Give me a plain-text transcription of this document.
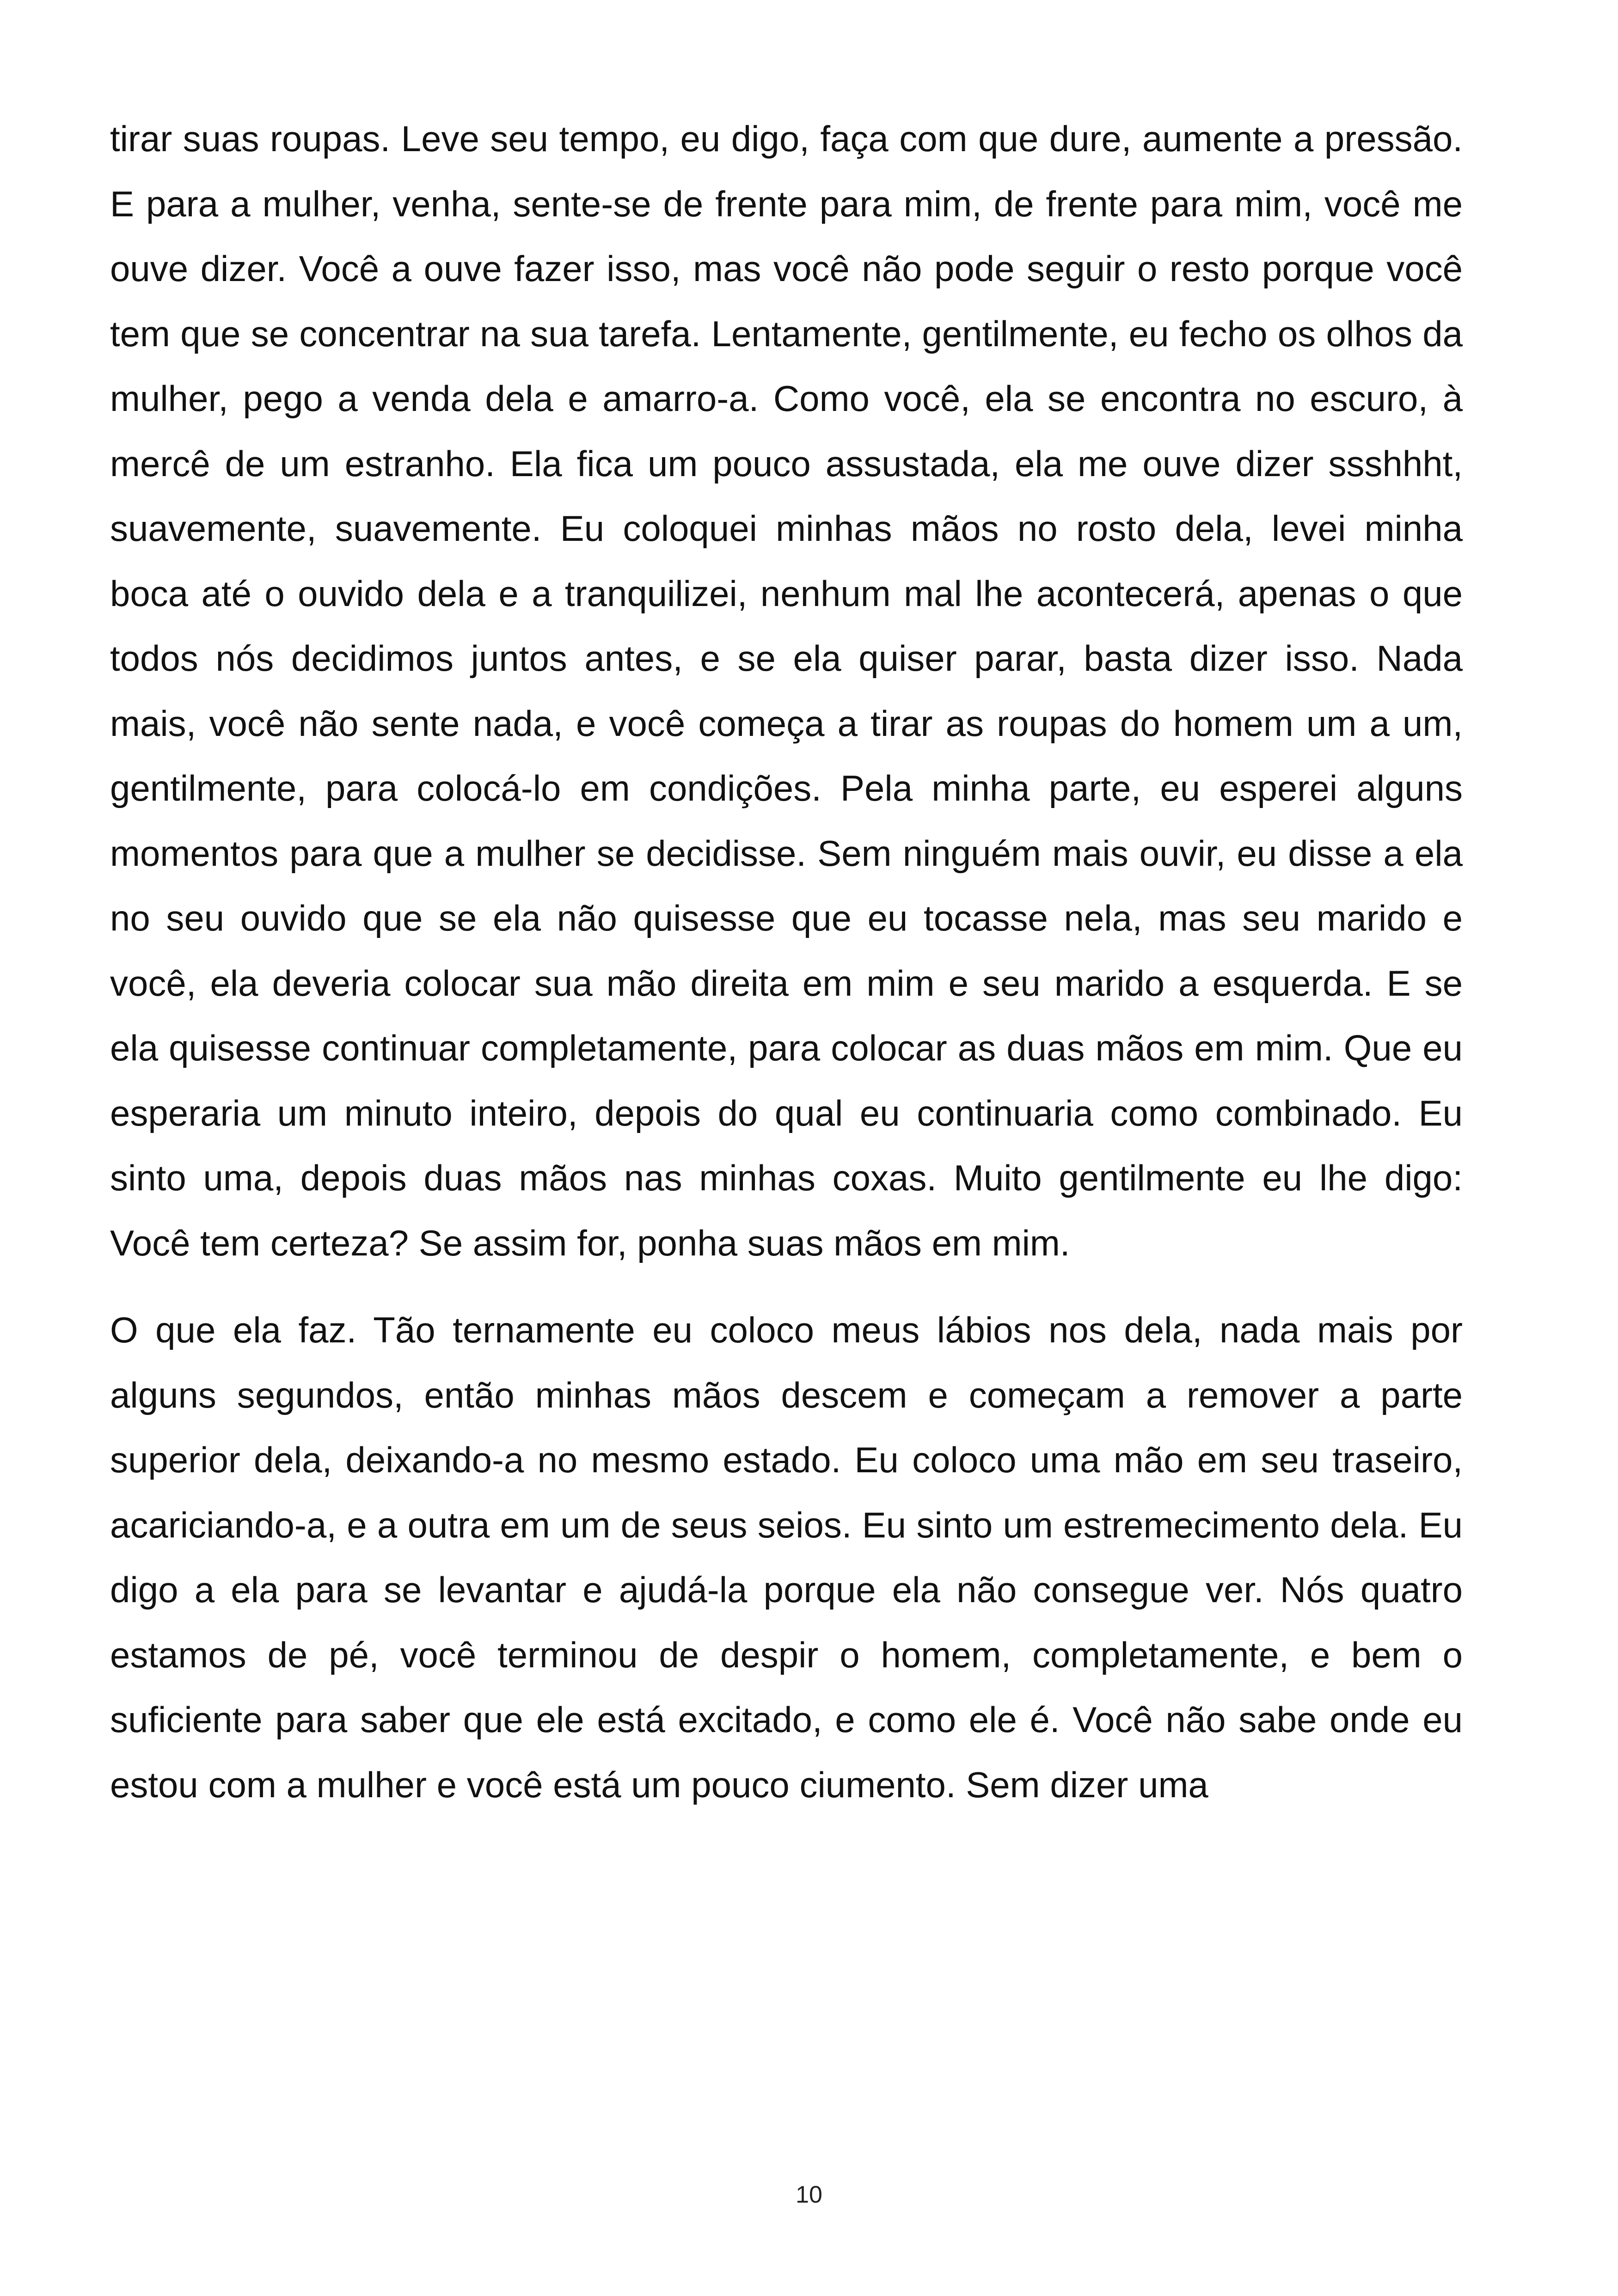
tirar suas roupas. Leve seu tempo, eu digo, faça com que dure, aumente a pressão. E para a mulher, venha, sente-se de frente para mim, de frente para mim, você me ouve dizer. Você a ouve fazer isso, mas você não pode seguir o resto porque você tem que se concentrar na sua tarefa. Lentamente, gentilmente, eu fecho os olhos da mulher, pego a venda dela e amarro-a. Como você, ela se encontra no escuro, à mercê de um estranho. Ela fica um pouco assustada, ela me ouve dizer ssshhht, suavemente, suavemente. Eu coloquei minhas mãos no rosto dela, levei minha boca até o ouvido dela e a tranquilizei, nenhum mal lhe acontecerá, apenas o que todos nós decidimos juntos antes, e se ela quiser parar, basta dizer isso. Nada mais, você não sente nada, e você começa a tirar as roupas do homem um a um, gentilmente, para colocá-lo em condições. Pela minha parte, eu esperei alguns momentos para que a mulher se decidisse. Sem ninguém mais ouvir, eu disse a ela no seu ouvido que se ela não quisesse que eu tocasse nela, mas seu marido e você, ela deveria colocar sua mão direita em mim e seu marido a esquerda. E se ela quisesse continuar completamente, para colocar as duas mãos em mim. Que eu esperaria um minuto inteiro, depois do qual eu continuaria como combinado. Eu sinto uma, depois duas mãos nas minhas coxas. Muito gentilmente eu lhe digo: Você tem certeza? Se assim for, ponha suas mãos em mim.

O que ela faz. Tão ternamente eu coloco meus lábios nos dela, nada mais por alguns segundos, então minhas mãos descem e começam a remover a parte superior dela, deixando-a no mesmo estado. Eu coloco uma mão em seu traseiro, acariciando-a, e a outra em um de seus seios. Eu sinto um estremecimento dela. Eu digo a ela para se levantar e ajudá-la porque ela não consegue ver. Nós quatro estamos de pé, você terminou de despir o homem, completamente, e bem o suficiente para saber que ele está excitado, e como ele é. Você não sabe onde eu estou com a mulher e você está um pouco ciumento. Sem dizer uma

10
